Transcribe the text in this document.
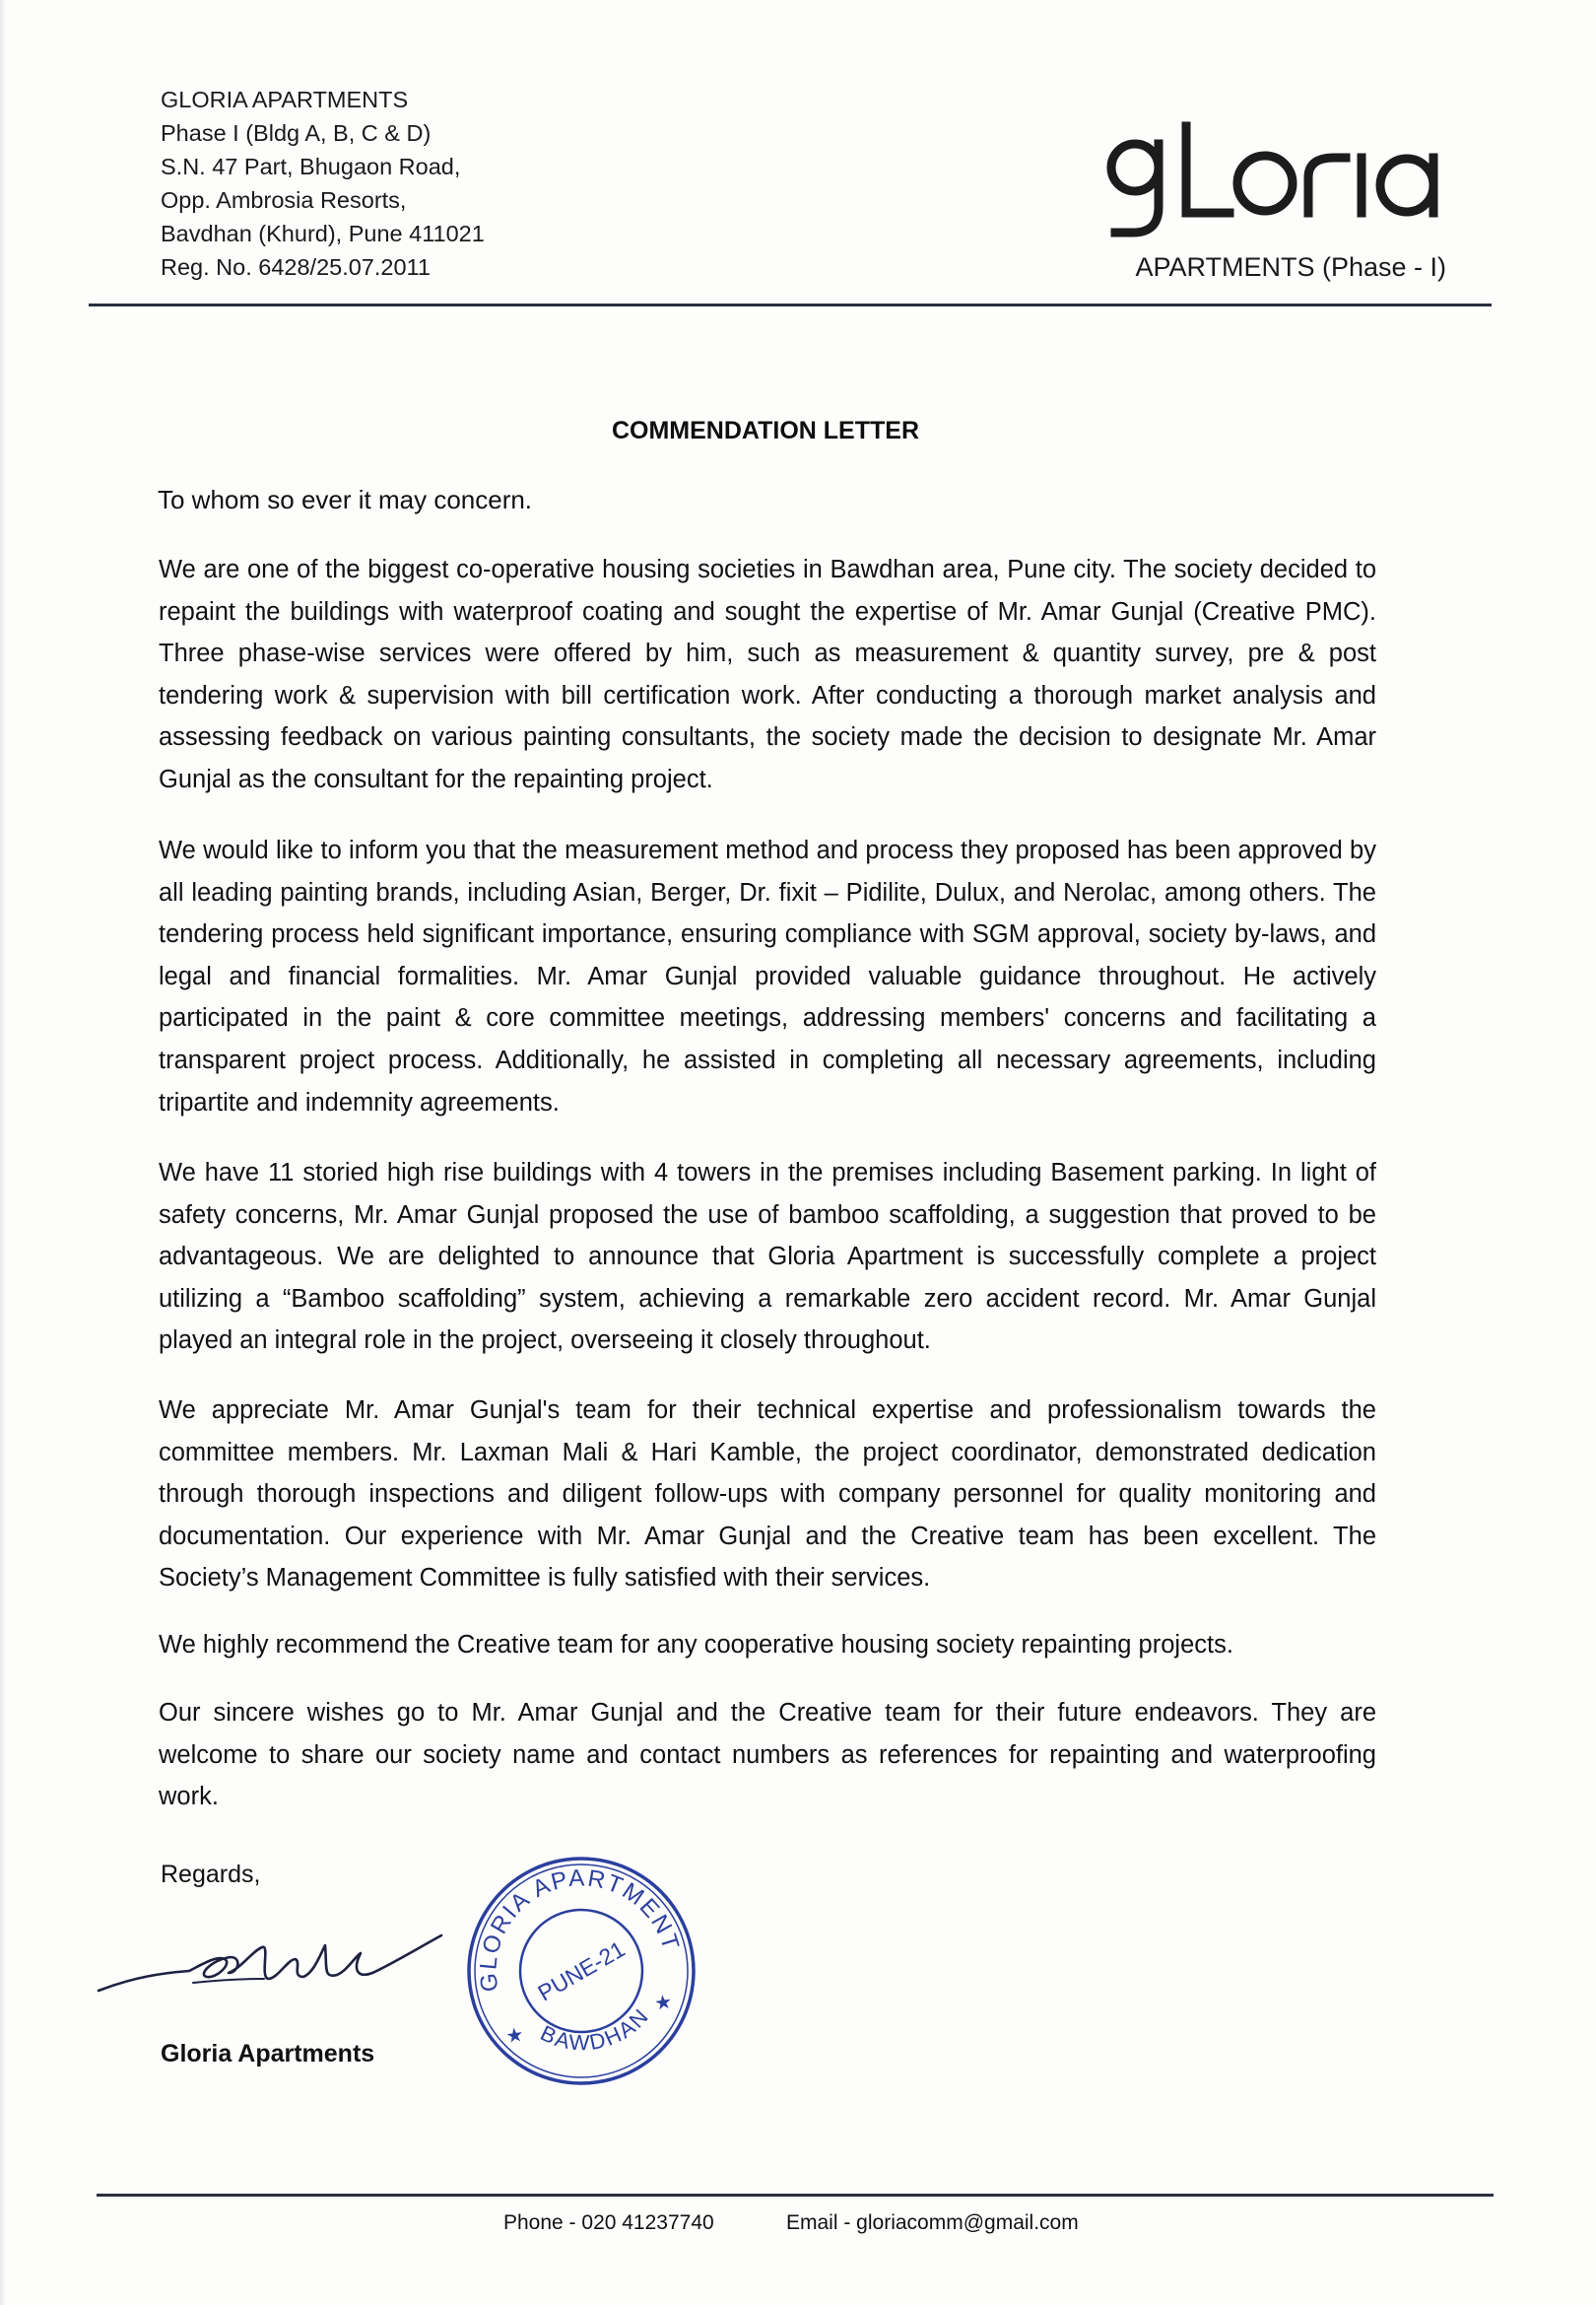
GLORIA APARTMENTS
Phase I (Bldg A, B, C & D)
S.N. 47 Part, Bhugaon Road,
Opp. Ambrosia Resorts,
Bavdhan (Khurd), Pune 411021
Reg. No. 6428/25.07.2011	APARTMENTS (Phase - I)
COMMENDATION LETTER
To whom so ever it may concern.
We are one of the biggest co-operative housing societies in Bawdhan area, Pune city. The society decided to repaint the buildings with waterproof coating and sought the expertise of Mr. Amar Gunjal (Creative PMC). Three phase-wise services were offered by him, such as measurement & quantity survey, pre & post tendering work & supervision with bill certification work. After conducting a thorough market analysis and assessing feedback on various painting consultants, the society made the decision to designate Mr. Amar Gunjal as the consultant for the repainting project.
We would like to inform you that the measurement method and process they proposed has been approved by all leading painting brands, including Asian, Berger, Dr. fixit – Pidilite, Dulux, and Nerolac, among others. The tendering process held significant importance, ensuring compliance with SGM approval, society by-laws, and legal and financial formalities. Mr. Amar Gunjal provided valuable guidance throughout. He actively participated in the paint & core committee meetings, addressing members' concerns and facilitating a transparent project process. Additionally, he assisted in completing all necessary agreements, including tripartite and indemnity agreements.
We have 11 storied high rise buildings with 4 towers in the premises including Basement parking. In light of safety concerns, Mr. Amar Gunjal proposed the use of bamboo scaffolding, a suggestion that proved to be advantageous. We are delighted to announce that Gloria Apartment is successfully complete a project utilizing a “Bamboo scaffolding” system, achieving a remarkable zero accident record. Mr. Amar Gunjal played an integral role in the project, overseeing it closely throughout.
We appreciate Mr. Amar Gunjal's team for their technical expertise and professionalism towards the committee members. Mr. Laxman Mali & Hari Kamble, the project coordinator, demonstrated dedication through thorough inspections and diligent follow-ups with company personnel for quality monitoring and documentation. Our experience with Mr. Amar Gunjal and the Creative team has been excellent. The Society’s Management Committee is fully satisfied with their services.
We highly recommend the Creative team for any cooperative housing society repainting projects.
Our sincere wishes go to Mr. Amar Gunjal and the Creative team for their future endeavors. They are welcome to share our society name and contact numbers as references for repainting and waterproofing work.
Regards,
Gloria Apartments
GLORIA APARTMENTS
BAWDHAN
★
★
PUNE-21
Phone - 020 41237740	Email - gloriacomm@gmail.com
